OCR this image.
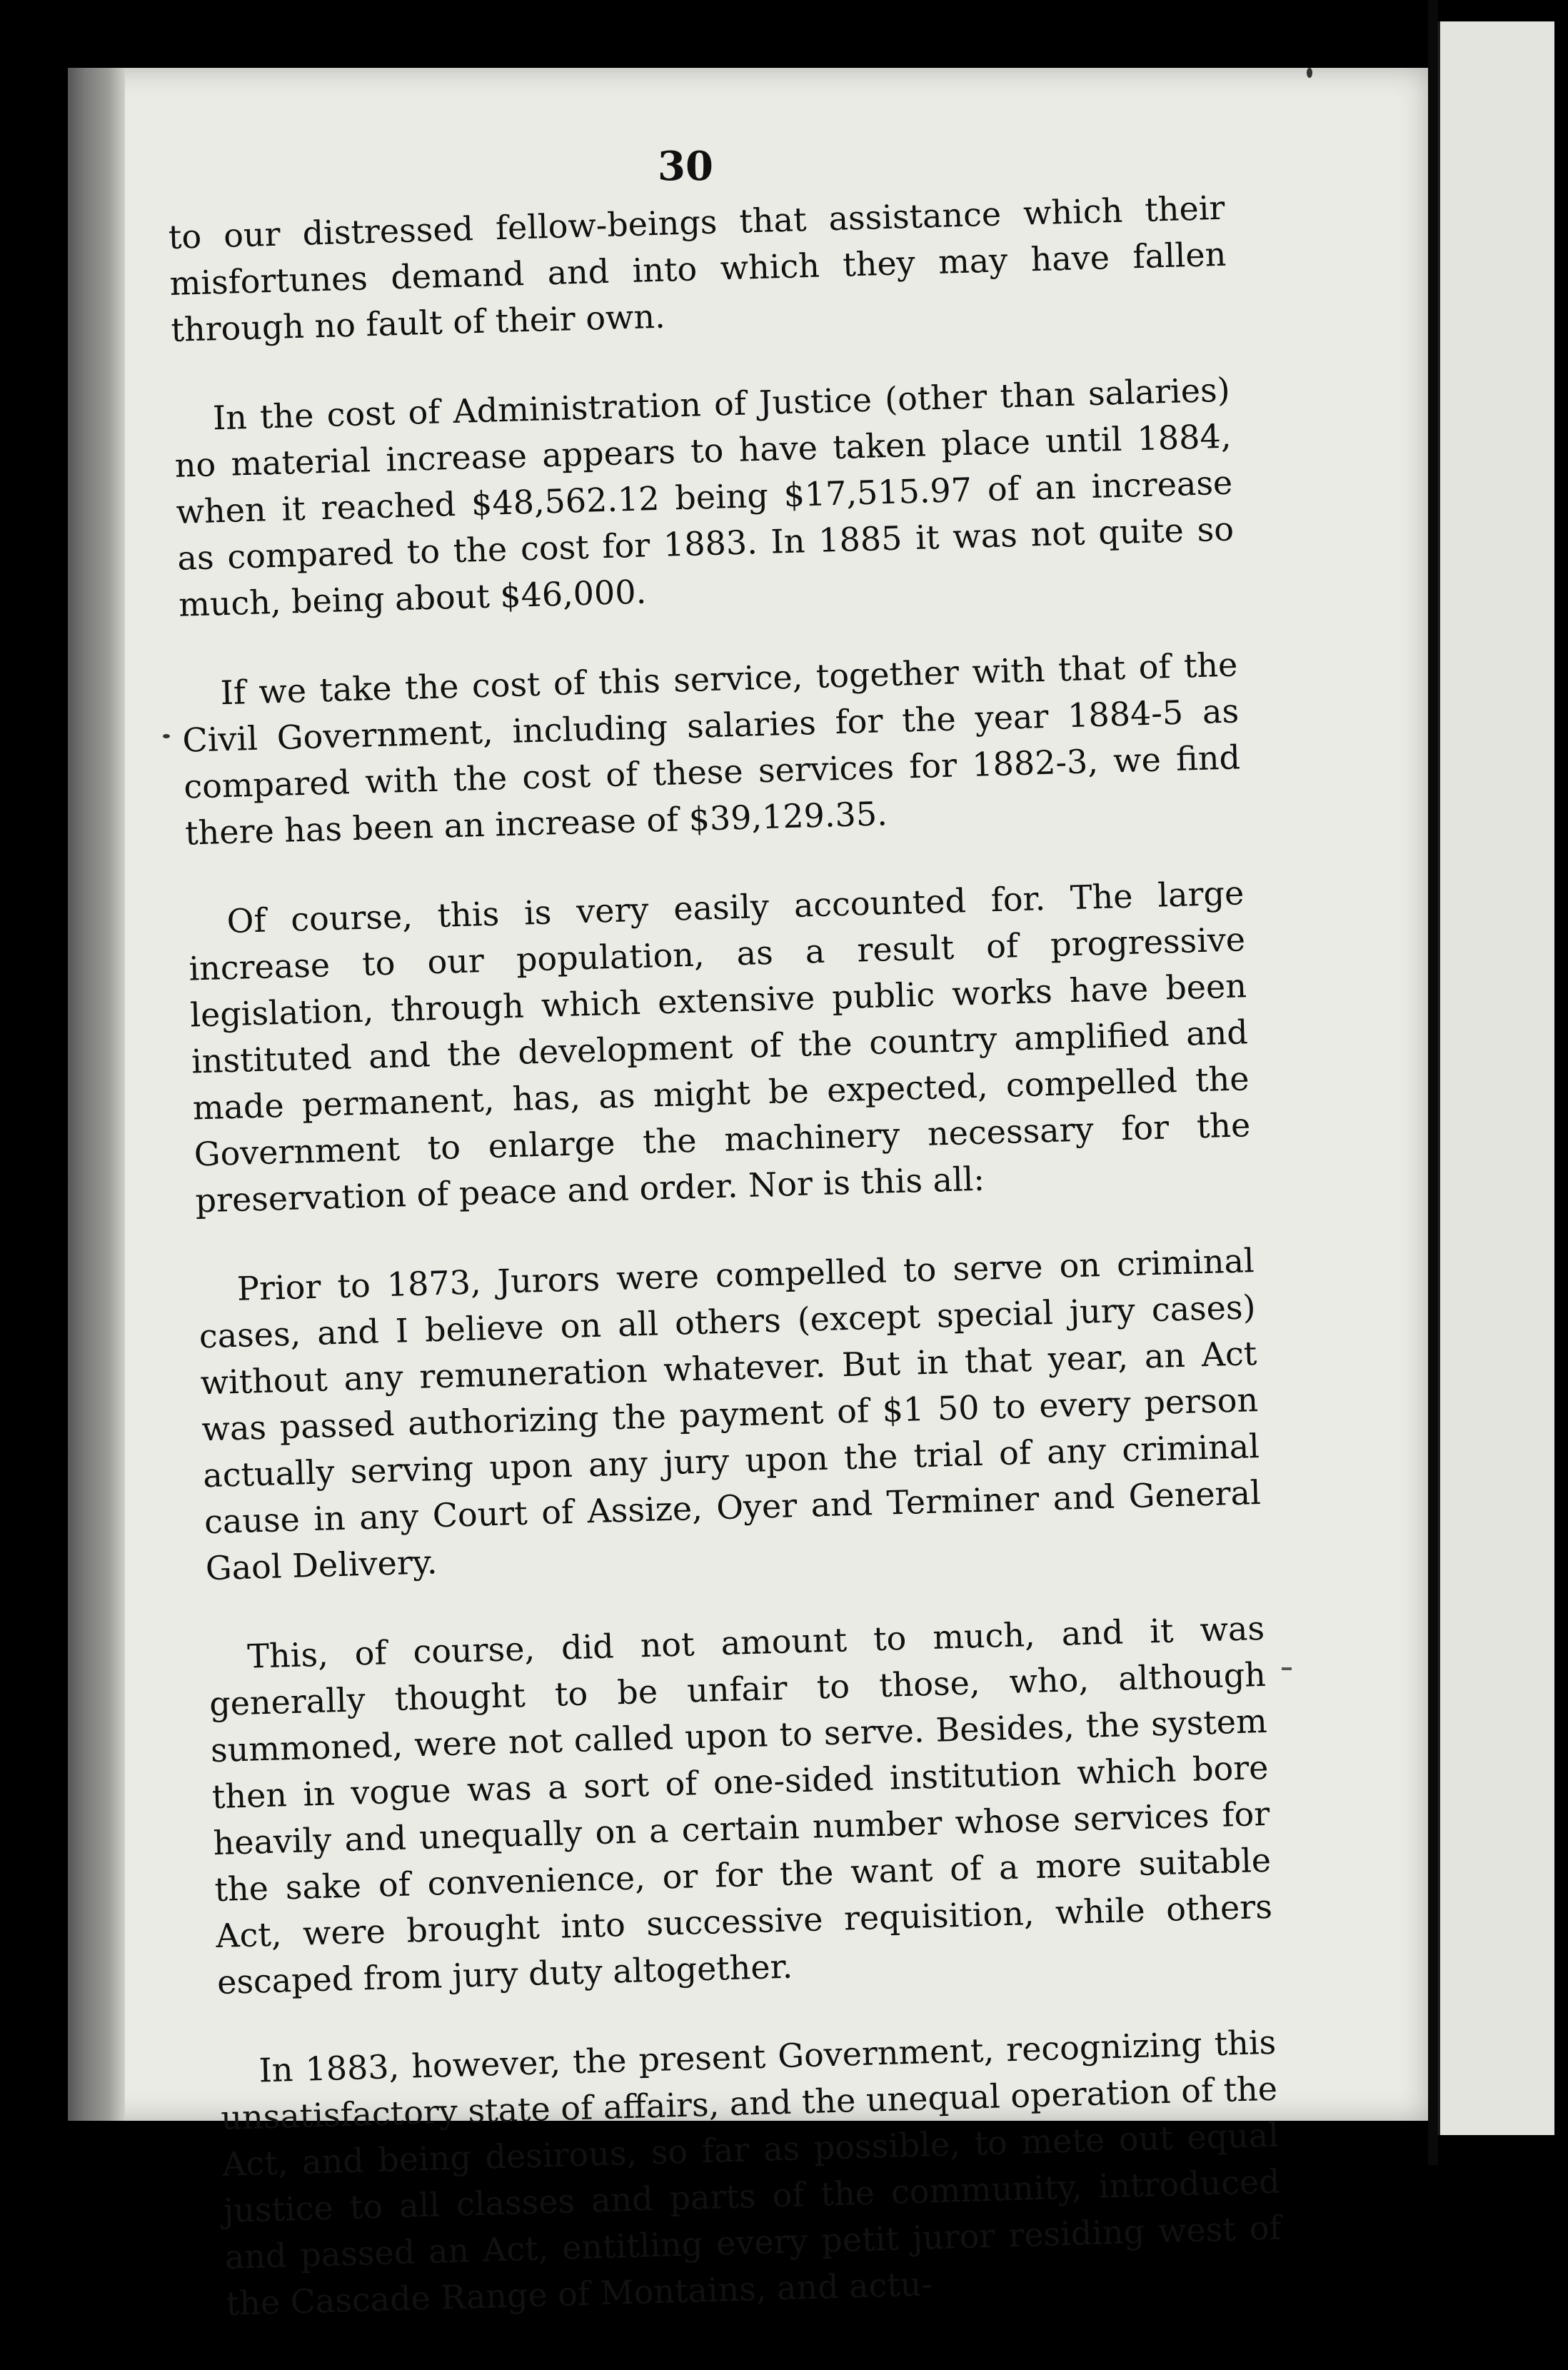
30

to our distressed fellow-beings that assistance which their misfortunes demand and into which they may have fallen through no fault of their own.

In the cost of Administration of Justice (other than salaries) no material increase appears to have taken place until 1884, when it reached $48,562.12 being $17,515.97 of an increase as compared to the cost for 1883. In 1885 it was not quite so much, being about $46,000.

If we take the cost of this service, together with that of the Civil Government, including salaries for the year 1884-5 as compared with the cost of these services for 1882-3, we find there has been an increase of $39,129.35.

Of course, this is very easily accounted for. The large increase to our population, as a result of progressive legislation, through which extensive public works have been instituted and the development of the country amplified and made permanent, has, as might be expected, compelled the Government to enlarge the machinery necessary for the preservation of peace and order. Nor is this all:

Prior to 1873, Jurors were compelled to serve on criminal cases, and I believe on all others (except special jury cases) without any remuneration whatever. But in that year, an Act was passed authorizing the payment of $1 50 to every person actually serving upon any jury upon the trial of any criminal cause in any Court of Assize, Oyer and Terminer and General Gaol Delivery.

This, of course, did not amount to much, and it was generally thought to be unfair to those, who, although summoned, were not called upon to serve. Besides, the system then in vogue was a sort of one-sided institution which bore heavily and unequally on a certain number whose services for the sake of convenience, or for the want of a more suitable Act, were brought into successive requisition, while others escaped from jury duty altogether.

In 1883, however, the present Government, recognizing this unsatisfactory state of affairs, and the unequal operation of the Act, and being desirous, so far as possible, to mete out equal justice to all classes and parts of the community, introduced and passed an Act, entitling every petit juror residing west of the Cascade Range of Montains, and actu-
